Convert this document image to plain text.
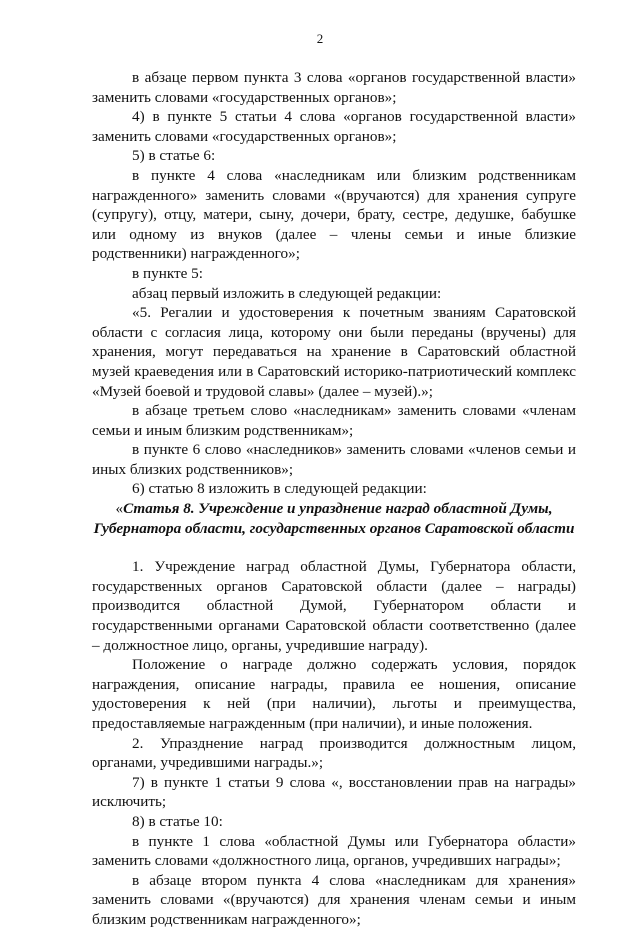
2

в абзаце первом пункта 3 слова «органов государственной власти» заменить словами «государственных органов»;

4) в пункте 5 статьи 4 слова «органов государственной власти» заменить словами «государственных органов»;

5) в статье 6:

в пункте 4 слова «наследникам или близким родственникам награжденного» заменить словами «(вручаются) для хранения супруге (супругу), отцу, матери, сыну, дочери, брату, сестре, дедушке, бабушке или одному из внуков (далее – члены семьи и иные близкие родственники) награжденного»;

в пункте 5:

абзац первый изложить в следующей редакции:

«5. Регалии и удостоверения к почетным званиям Саратовской области с согласия лица, которому они были переданы (вручены) для хранения, могут передаваться на хранение в Саратовский областной музей краеведения или в Саратовский историко-патриотический комплекс «Музей боевой и трудовой славы» (далее – музей).»;

в абзаце третьем слово «наследникам» заменить словами «членам семьи и иным близким родственникам»;

в пункте 6 слово «наследников» заменить словами «членов семьи и иных близких родственников»;

6) статью 8 изложить в следующей редакции:

«Статья 8. Учреждение и упразднение наград областной Думы, Губернатора области, государственных органов Саратовской области

1. Учреждение наград областной Думы, Губернатора области, государственных органов Саратовской области (далее – награды) производится областной Думой, Губернатором области и государственными органами Саратовской области соответственно (далее – должностное лицо, органы, учредившие награду).

Положение о награде должно содержать условия, порядок награждения, описание награды, правила ее ношения, описание удостоверения к ней (при наличии), льготы и преимущества, предоставляемые награжденным (при наличии), и иные положения.

2. Упразднение наград производится должностным лицом, органами, учредившими награды.»;

7) в пункте 1 статьи 9 слова «, восстановлении прав на награды» исключить;

8) в статье 10:

в пункте 1 слова «областной Думы или Губернатора области» заменить словами «должностного лица, органов, учредивших награды»;

в абзаце втором пункта 4 слова «наследникам для хранения» заменить словами «(вручаются) для хранения членам семьи и иным близким родственникам награжденного»;
